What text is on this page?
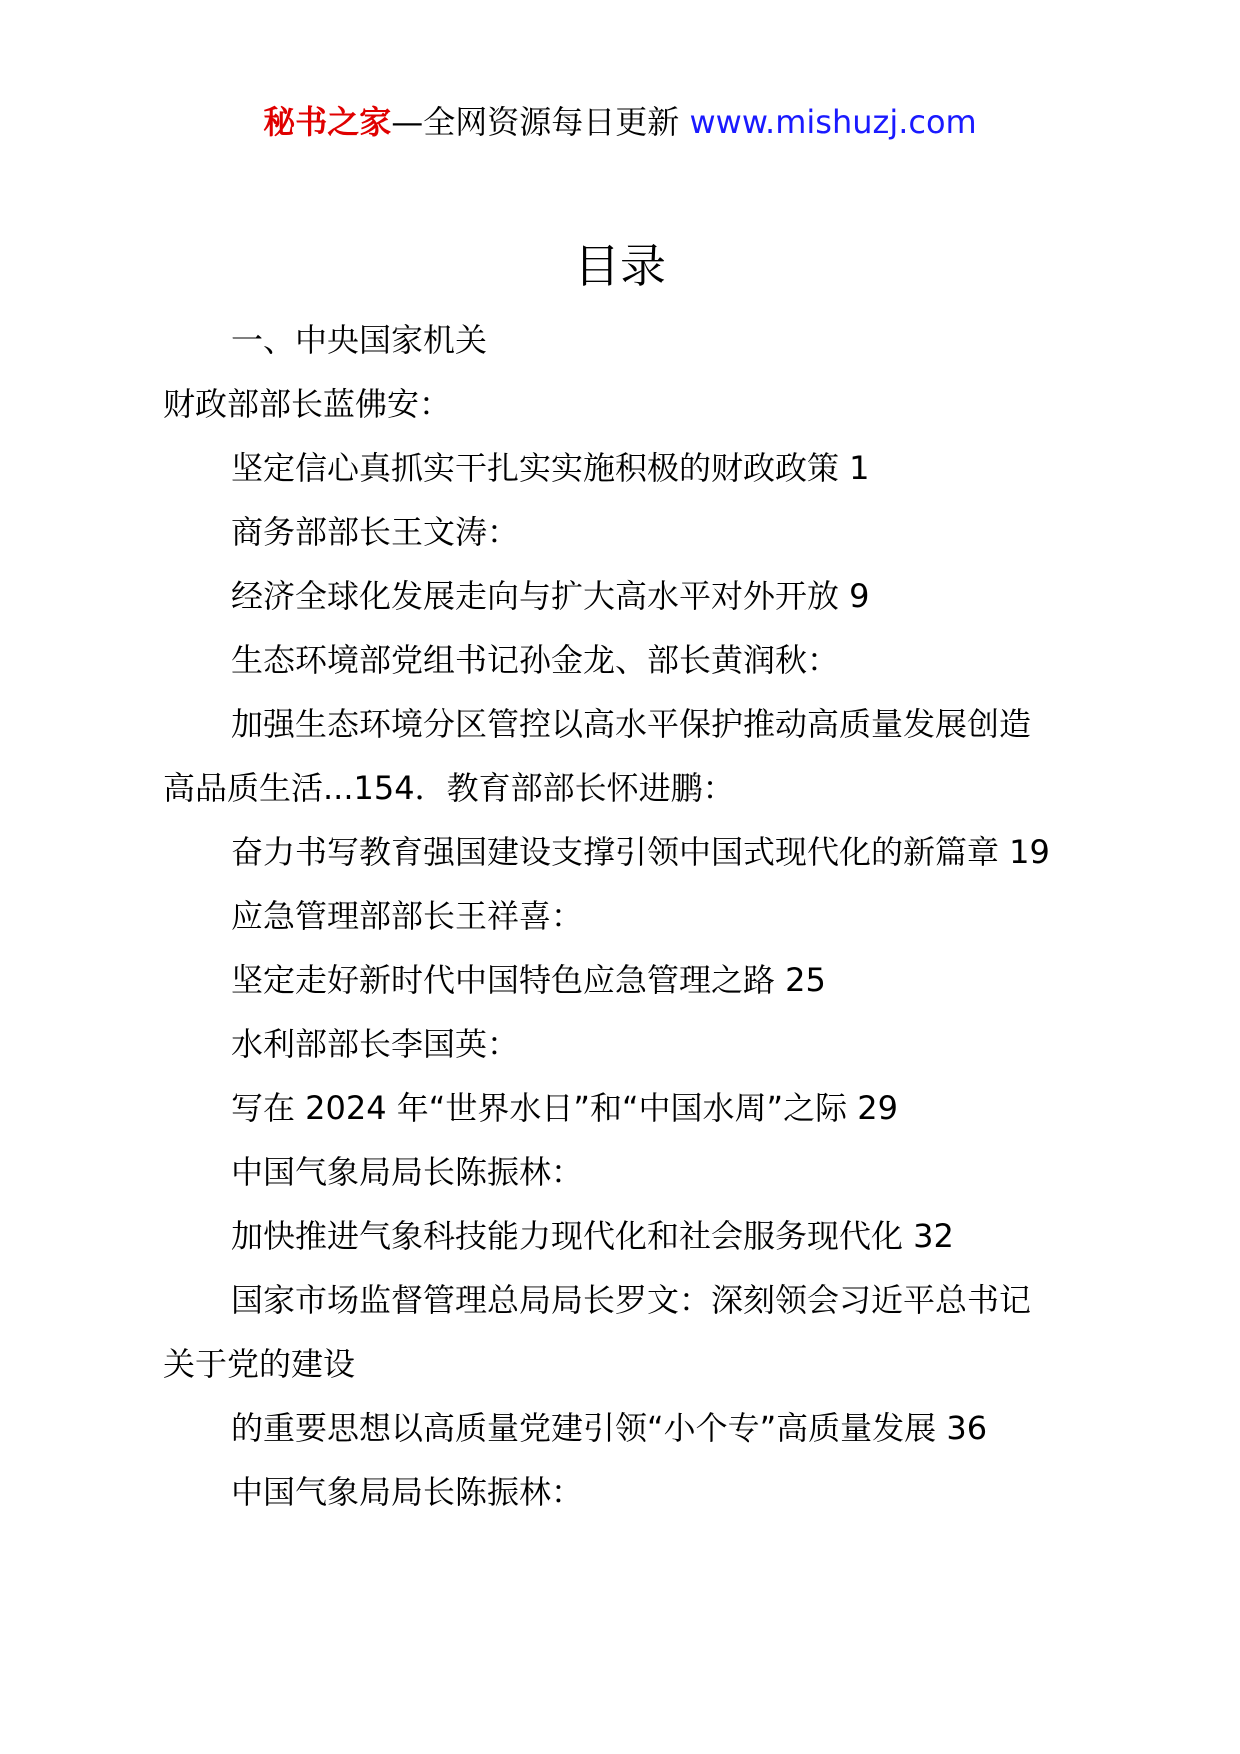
秘书之家—全网资源每日更新 www.mishuzj.com
目录
一、中央国家机关
财政部部长蓝佛安：
坚定信心真抓实干扎实实施积极的财政政策 1
商务部部长王文涛：
经济全球化发展走向与扩大高水平对外开放 9
生态环境部党组书记孙金龙、部长黄润秋：
加强生态环境分区管控以高水平保护推动高质量发展创造
高品质生活...154．教育部部长怀进鹏：
奋力书写教育强国建设支撑引领中国式现代化的新篇章 19
应急管理部部长王祥喜：
坚定走好新时代中国特色应急管理之路 25
水利部部长李国英：
写在 2024 年“世界水日”和“中国水周”之际 29
中国气象局局长陈振林：
加快推进气象科技能力现代化和社会服务现代化 32
国家市场监督管理总局局长罗文：深刻领会习近平总书记
关于党的建设
的重要思想以高质量党建引领“小个专”高质量发展 36
中国气象局局长陈振林：
